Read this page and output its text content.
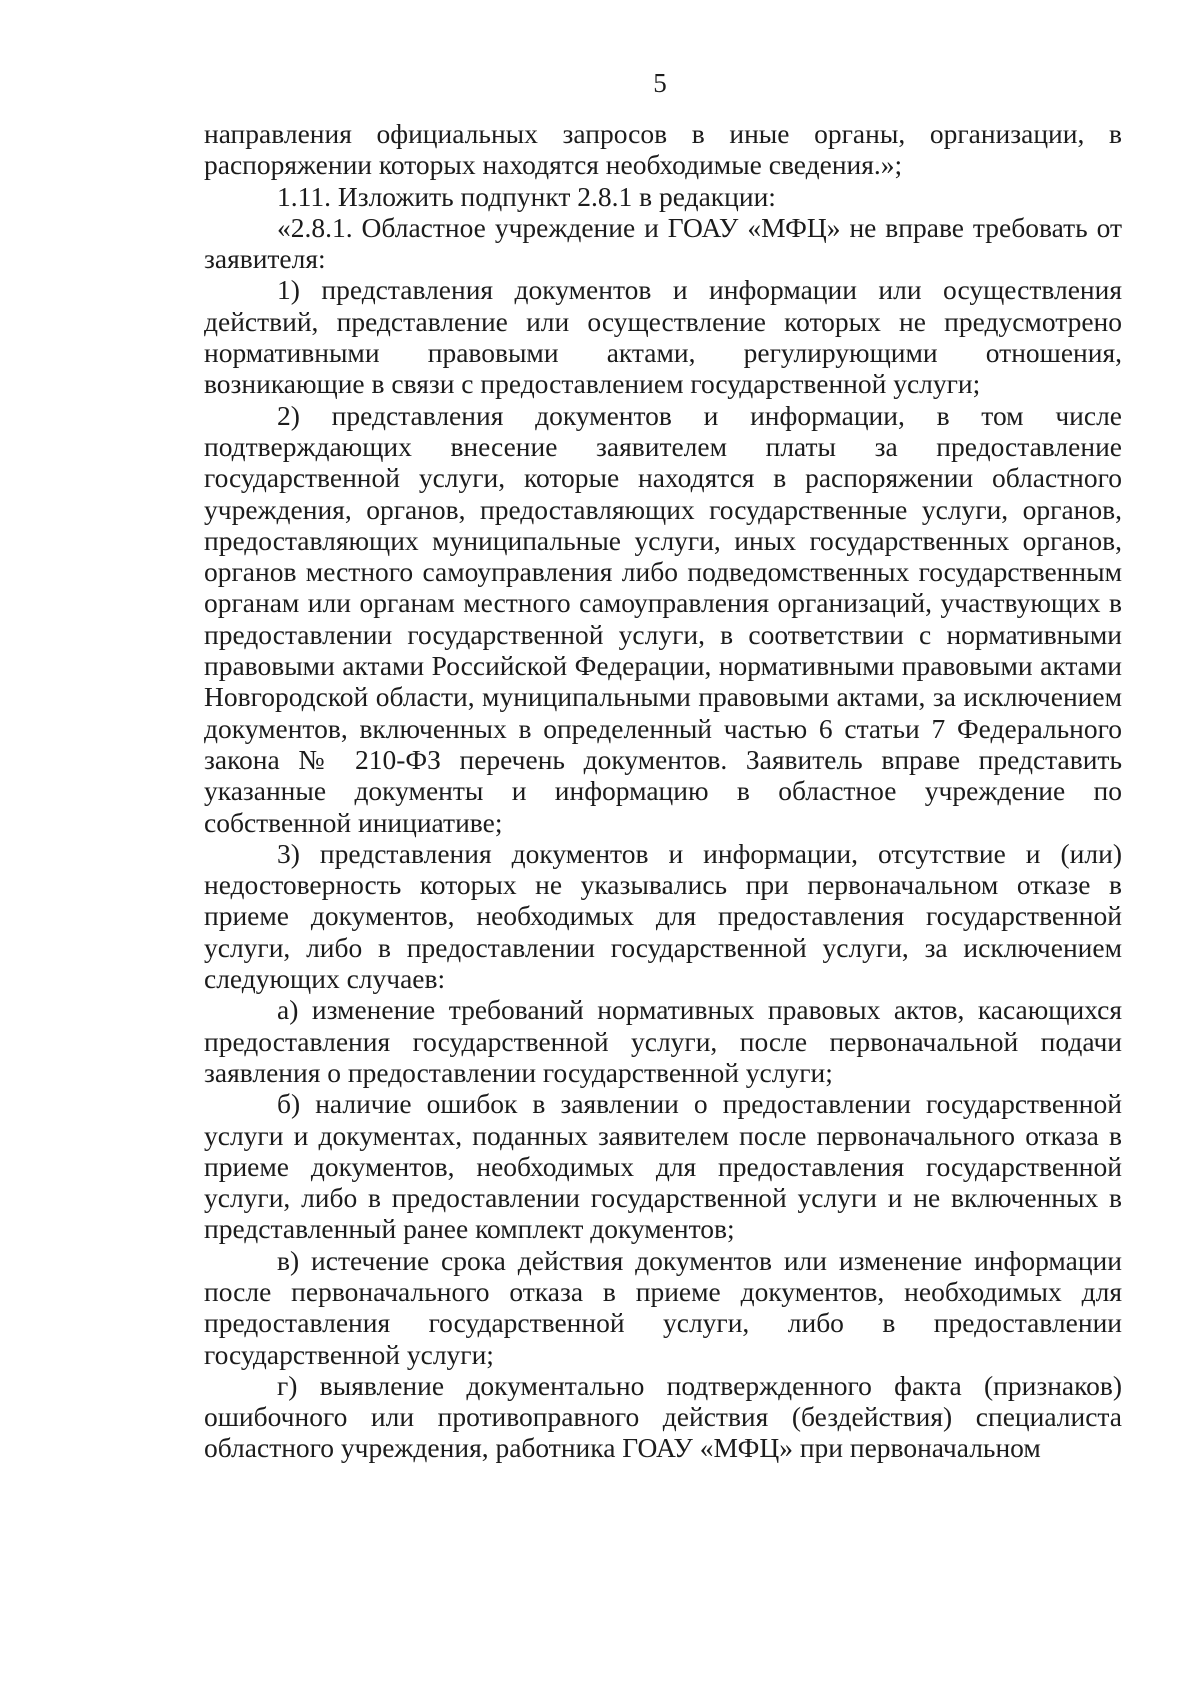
5

направления официальных запросов в иные органы, организации, в распоряжении которых находятся необходимые сведения.»;

1.11. Изложить подпункт 2.8.1 в редакции:

«2.8.1. Областное учреждение и ГОАУ «МФЦ» не вправе требовать от заявителя:

1) представления документов и информации или осуществления действий, представление или осуществление которых не предусмотрено нормативными правовыми актами, регулирующими отношения, возникающие в связи с предоставлением государственной услуги;

2) представления документов и информации, в том числе подтверждающих внесение заявителем платы за предоставление государственной услуги, которые находятся в распоряжении областного учреждения, органов, предоставляющих государственные услуги, органов, предоставляющих муниципальные услуги, иных государственных органов, органов местного самоуправления либо подведомственных государственным органам или органам местного самоуправления организаций, участвующих в предоставлении государственной услуги, в соответствии с нормативными правовыми актами Российской Федерации, нормативными правовыми актами Новгородской области, муниципальными правовыми актами, за исключением документов, включенных в определенный частью 6 статьи 7 Федерального закона № 210-ФЗ перечень документов. Заявитель вправе представить указанные документы и информацию в областное учреждение по собственной инициативе;

3) представления документов и информации, отсутствие и (или) недостоверность которых не указывались при первоначальном отказе в приеме документов, необходимых для предоставления государственной услуги, либо в предоставлении государственной услуги, за исключением следующих случаев:

а) изменение требований нормативных правовых актов, касающихся предоставления государственной услуги, после первоначальной подачи заявления о предоставлении государственной услуги;

б) наличие ошибок в заявлении о предоставлении государственной услуги и документах, поданных заявителем после первоначального отказа в приеме документов, необходимых для предоставления государственной услуги, либо в предоставлении государственной услуги и не включенных в представленный ранее комплект документов;

в) истечение срока действия документов или изменение информации после первоначального отказа в приеме документов, необходимых для предоставления государственной услуги, либо в предоставлении государственной услуги;

г) выявление документально подтвержденного факта (признаков) ошибочного или противоправного действия (бездействия) специалиста областного учреждения, работника ГОАУ «МФЦ» при первоначальном
